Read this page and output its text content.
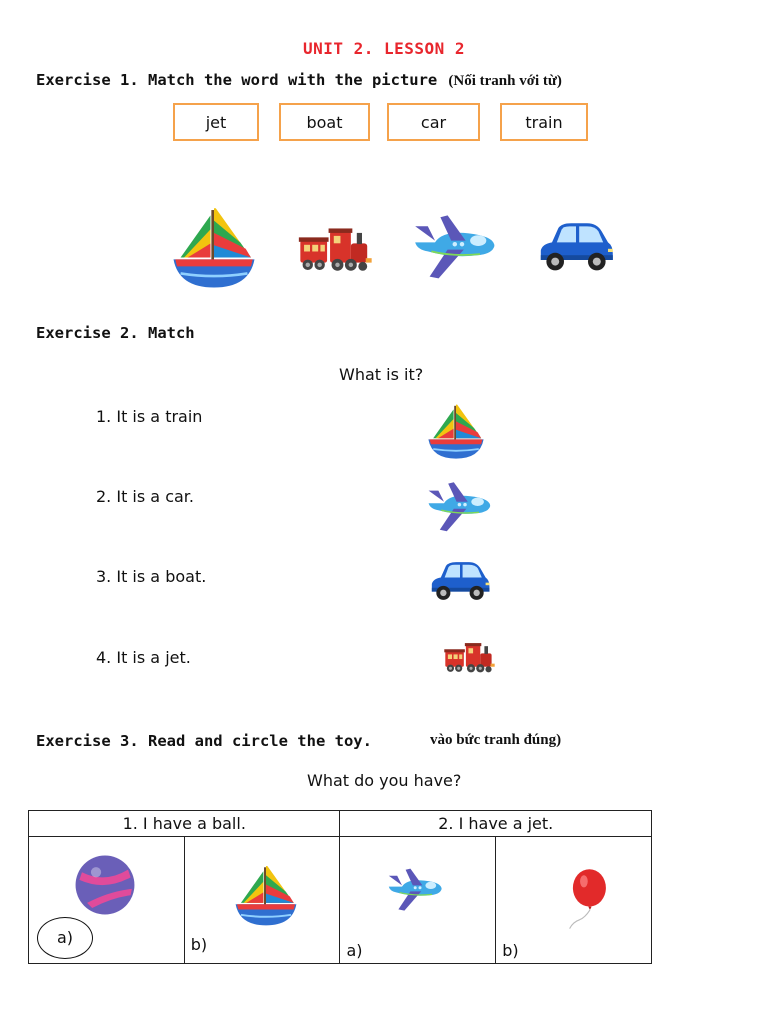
UNIT 2. LESSON 2
Exercise 1. Match the word with the picture (Nối tranh với từ)
jet	boat	car	train
Exercise 2. Match
What is it?
1. It is a train
2. It is a car.
3. It is a boat.
4. It is a jet.
Exercise 3. Read and circle the toy.	vào bức tranh đúng)
What do you have?
1. I have a ball.		2. I have a jet.	

a)	b)	a)	b)
